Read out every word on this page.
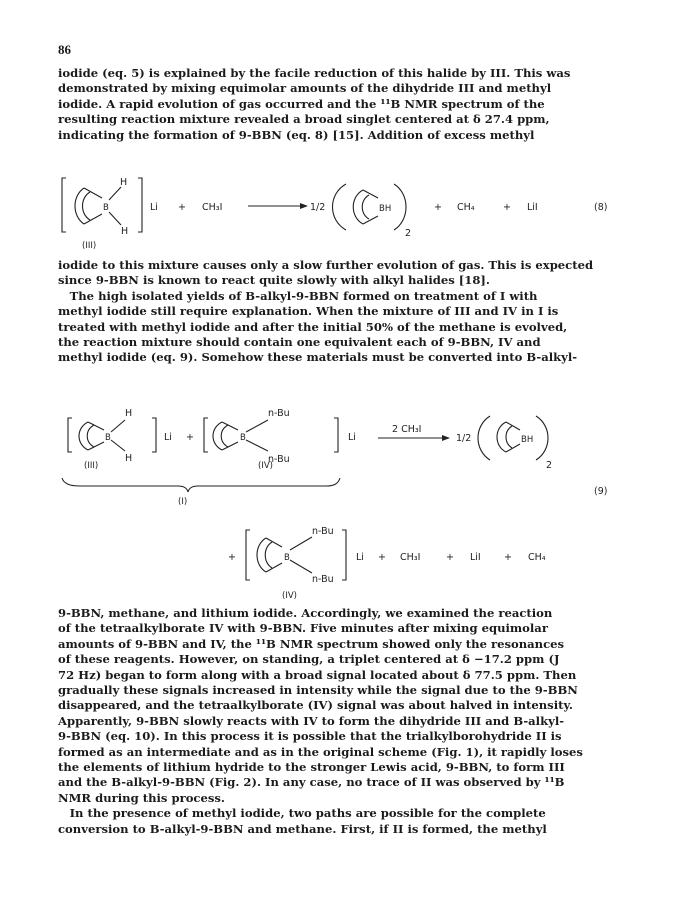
86
iodide (eq. 5) is explained by the facile reduction of this halide by III. This was
demonstrated by mixing equimolar amounts of the dihydride III and methyl
iodide. A rapid evolution of gas occurred and the ¹¹B NMR spectrum of the
resulting reaction mixture revealed a broad singlet centered at δ 27.4 ppm,
indicating the formation of 9-BBN (eq. 8) [15]. Addition of excess methyl
H
H
B	Li + CH₃I	1/2	BH
2
+ CH₄	+ LiI	(8)
(III)
iodide to this mixture causes only a slow further evolution of gas. This is expected
since 9-BBN is known to react quite slowly with alkyl halides [18].
 The high isolated yields of B-alkyl-9-BBN formed on treatment of I with
methyl iodide still require explanation. When the mixture of III and IV in I is
treated with methyl iodide and after the initial 50% of the methane is evolved,
the reaction mixture should contain one equivalent each of 9-BBN, IV and
methyl iodide (eq. 9). Somehow these materials must be converted into B-alkyl-
H
H
B	Li +	B
n-Bu
n-Bu
Li
2 CH₃I
1/2	BH
2
(III)	(IV)
(I)
(9)
+	B
n-Bu
n-Bu
Li + CH₃I	+ LiI + CH₄
(IV)
9-BBN, methane, and lithium iodide. Accordingly, we examined the reaction
of the tetraalkylborate IV with 9-BBN. Five minutes after mixing equimolar
amounts of 9-BBN and IV, the ¹¹B NMR spectrum showed only the resonances
of these reagents. However, on standing, a triplet centered at δ −17.2 ppm (J
72 Hz) began to form along with a broad signal located about δ 77.5 ppm. Then
gradually these signals increased in intensity while the signal due to the 9-BBN
disappeared, and the tetraalkylborate (IV) signal was about halved in intensity.
Apparently, 9-BBN slowly reacts with IV to form the dihydride III and B-alkyl-
9-BBN (eq. 10). In this process it is possible that the trialkylborohydride II is
formed as an intermediate and as in the original scheme (Fig. 1), it rapidly loses
the elements of lithium hydride to the stronger Lewis acid, 9-BBN, to form III
and the B-alkyl-9-BBN (Fig. 2). In any case, no trace of II was observed by ¹¹B
NMR during this process.
 In the presence of methyl iodide, two paths are possible for the complete
conversion to B-alkyl-9-BBN and methane. First, if II is formed, the methyl
